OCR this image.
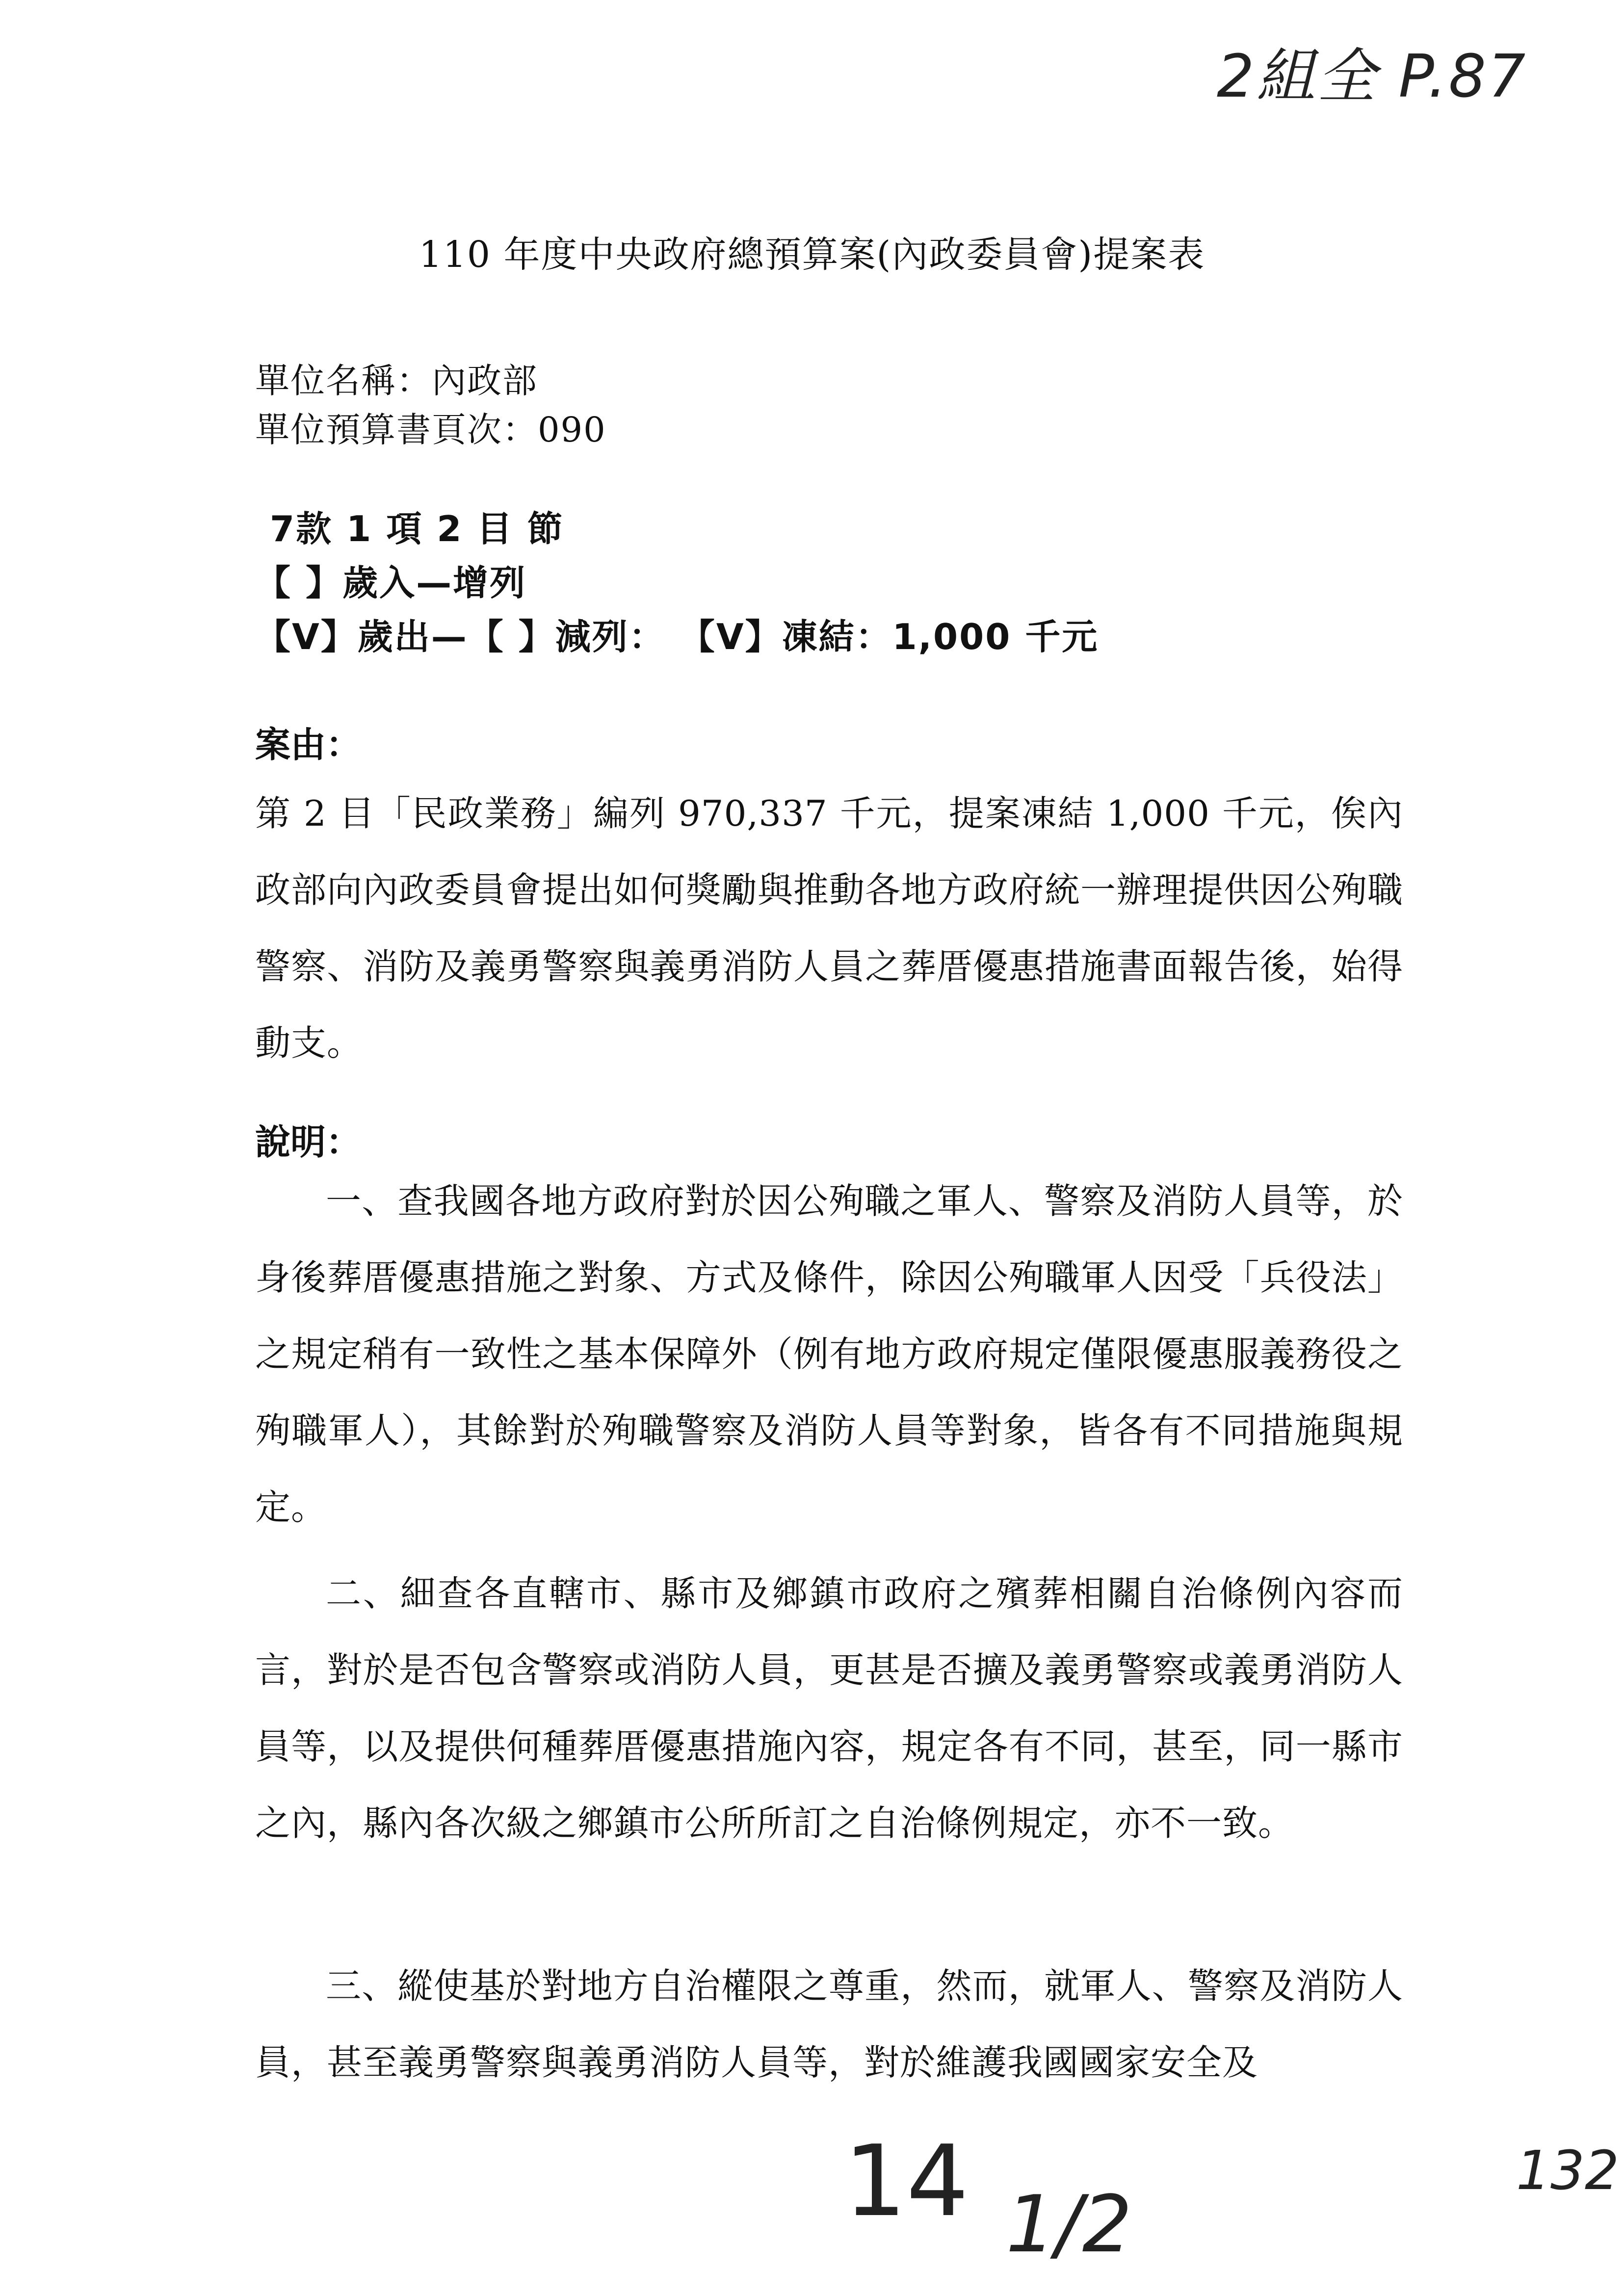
2組全 P.87
110 年度中央政府總預算案(內政委員會)提案表
單位名稱：內政部
單位預算書頁次：090
7款 1 項 2 目 節
【 】歲入—增列
【V】歲出—【 】減列： 【V】凍結：1,000 千元
案由：
第 2 目「民政業務」編列 970,337 千元，提案凍結 1,000 千元，俟內政部向內政委員會提出如何獎勵與推動各地方政府統一辦理提供因公殉職警察、消防及義勇警察與義勇消防人員之葬厝優惠措施書面報告後，始得動支。
說明：
一、查我國各地方政府對於因公殉職之軍人、警察及消防人員等，於身後葬厝優惠措施之對象、方式及條件，除因公殉職軍人因受「兵役法」之規定稍有一致性之基本保障外（例有地方政府規定僅限優惠服義務役之殉職軍人），其餘對於殉職警察及消防人員等對象，皆各有不同措施與規定。
二、細查各直轄市、縣市及鄉鎮市政府之殯葬相關自治條例內容而言，對於是否包含警察或消防人員，更甚是否擴及義勇警察或義勇消防人員等，以及提供何種葬厝優惠措施內容，規定各有不同，甚至，同一縣市之內，縣內各次級之鄉鎮市公所所訂之自治條例規定，亦不一致。
三、縱使基於對地方自治權限之尊重，然而，就軍人、警察及消防人員，甚至義勇警察與義勇消防人員等，對於維護我國國家安全及
14 1/2
132
